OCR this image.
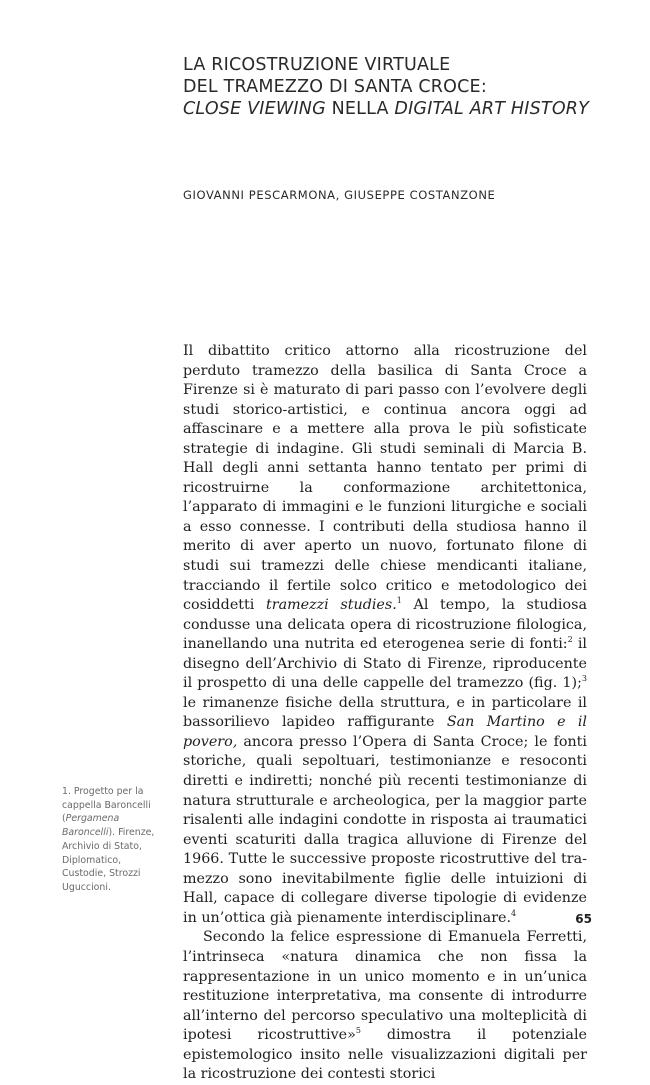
LA RICOSTRUZIONE VIRTUALE
DEL TRAMEZZO DI SANTA CROCE:
CLOSE VIEWING NELLA DIGITAL ART HISTORY
GIOVANNI PESCARMONA, GIUSEPPE COSTANZONE

Il dibattito critico attorno alla ricostruzione del perduto tramezzo della basilica di Santa Croce a Firenze si è maturato di pari passo con l’evolvere degli studi storico-artistici, e continua ancora oggi ad affascinare e a mettere alla prova le più sofisticate strategie di indagine. Gli studi seminali di Marcia B. Hall degli anni settanta hanno tentato per primi di ricostruirne la conformazione architettonica, l’apparato di immagini e le funzioni liturgiche e sociali a esso connesse. I contributi della studiosa hanno il merito di aver aperto un nuovo, fortunato filone di studi sui tramezzi delle chiese mendicanti italiane, tracciando il fertile solco critico e metodologico dei cosiddetti tramezzi studies.$^1$ Al tempo, la studiosa condusse una delicata opera di ricostruzione filologica, inanellando una nutrita ed eterogenea serie di fonti:$^2$ il disegno dell’Archivio di Stato di Firenze, riproducente il prospetto di una delle cappelle del tramezzo (fig. 1);$^3$ le rimanenze fisiche della struttura, e in particolare il bassorilievo lapideo raffigurante San Martino e il povero, ancora presso l’Opera di Santa Croce; le fonti storiche, quali sepoltuari, testimonianze e resoconti diretti e indiretti; nonché più recenti testimonianze di natura strutturale e archeologica, per la maggior parte risalenti alle indagini condotte in risposta ai traumatici eventi scaturiti dalla tragica alluvione di Firenze del 1966. Tutte le successive proposte ricostruttive del tramezzo sono inevitabilmente figlie delle intuizioni di Hall, capace di collegare diverse tipologie di evidenze in un’ottica già pienamente interdisciplinare.$^4$

Secondo la felice espressione di Emanuela Ferretti, l’intrinseca «natura dinamica che non fissa la rappresentazione in un unico momento e in un’unica restituzione interpretativa, ma consente di introdurre all’interno del percorso speculativo una molteplicità di ipotesi ricostruttive»$^5$ dimostra il potenziale epistemologico insito nelle visualizzazioni digitali per la ricostruzione dei contesti storici

1. Progetto per la cappella Baroncelli (Pergamena Baroncelli). Firenze, Archivio di Stato, Diplomatico, Custodie, Strozzi Uguccioni.
65
